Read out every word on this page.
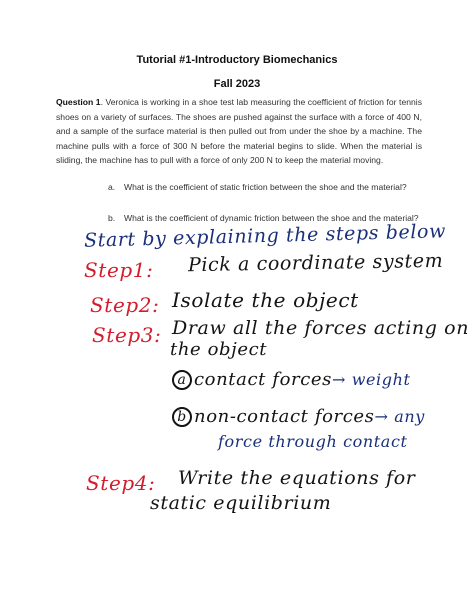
Tutorial #1-Introductory Biomechanics
Fall 2023
Question 1. Veronica is working in a shoe test lab measuring the coefficient of friction for tennis shoes on a variety of surfaces. The shoes are pushed against the surface with a force of 400 N, and a sample of the surface material is then pulled out from under the shoe by a machine. The machine pulls with a force of 300 N before the material begins to slide. When the material is sliding, the machine has to pull with a force of only 200 N to keep the material moving.
a. What is the coefficient of static friction between the shoe and the material?
b. What is the coefficient of dynamic friction between the shoe and the material?
Start by explaining the steps below
Step1: Pick a coordinate system
Step2: Isolate the object
Step3: Draw all the forces acting on
the object
a contact forces→ weight
b non-contact forces→ any
force through contact
Step4: Write the equations for
static equilibrium
